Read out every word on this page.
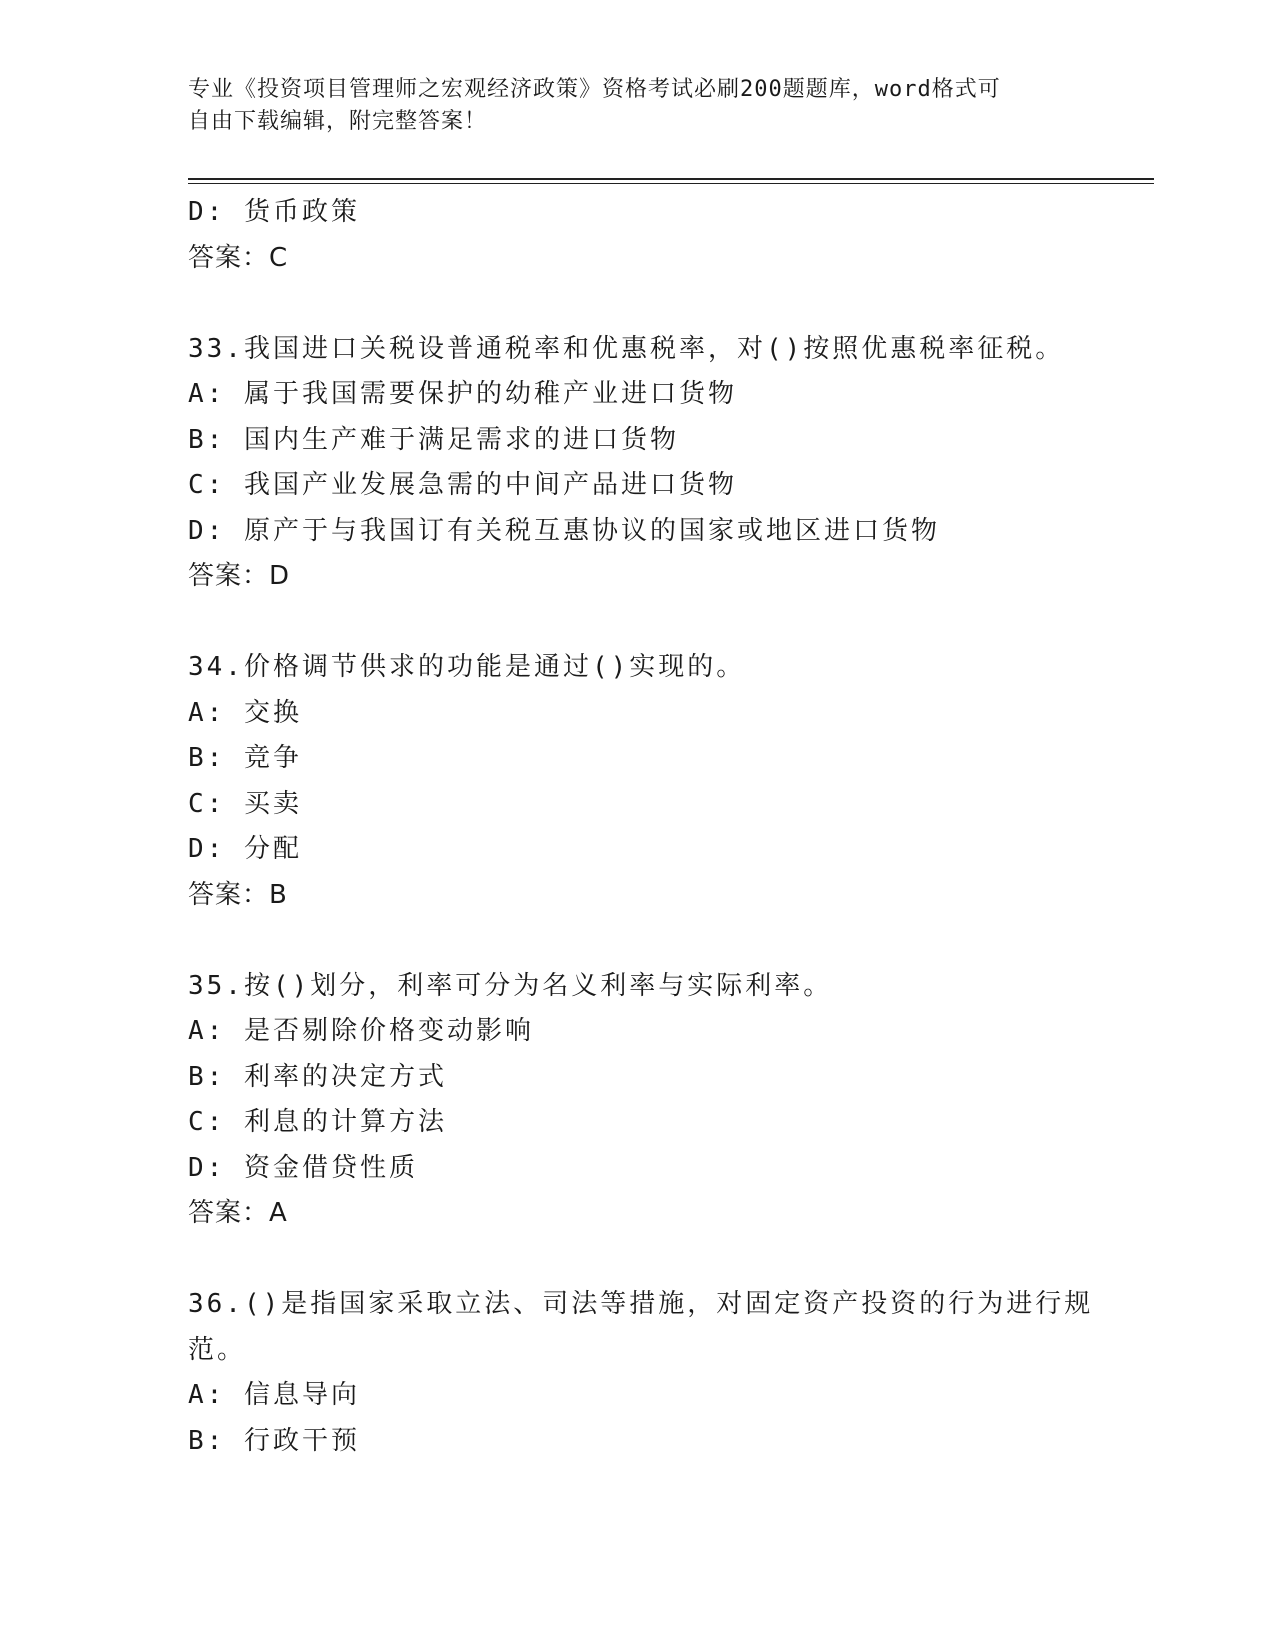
专业《投资项目管理师之宏观经济政策》资格考试必刷200题题库，word格式可
自由下载编辑，附完整答案！
D: 货币政策
答案：C
33.我国进口关税设普通税率和优惠税率，对()按照优惠税率征税。
A: 属于我国需要保护的幼稚产业进口货物
B: 国内生产难于满足需求的进口货物
C: 我国产业发展急需的中间产品进口货物
D: 原产于与我国订有关税互惠协议的国家或地区进口货物
答案：D
34.价格调节供求的功能是通过()实现的。
A: 交换
B: 竞争
C: 买卖
D: 分配
答案：B
35.按()划分，利率可分为名义利率与实际利率。
A: 是否剔除价格变动影响
B: 利率的决定方式
C: 利息的计算方法
D: 资金借贷性质
答案：A
36.()是指国家采取立法、司法等措施，对固定资产投资的行为进行规
范。
A: 信息导向
B: 行政干预
